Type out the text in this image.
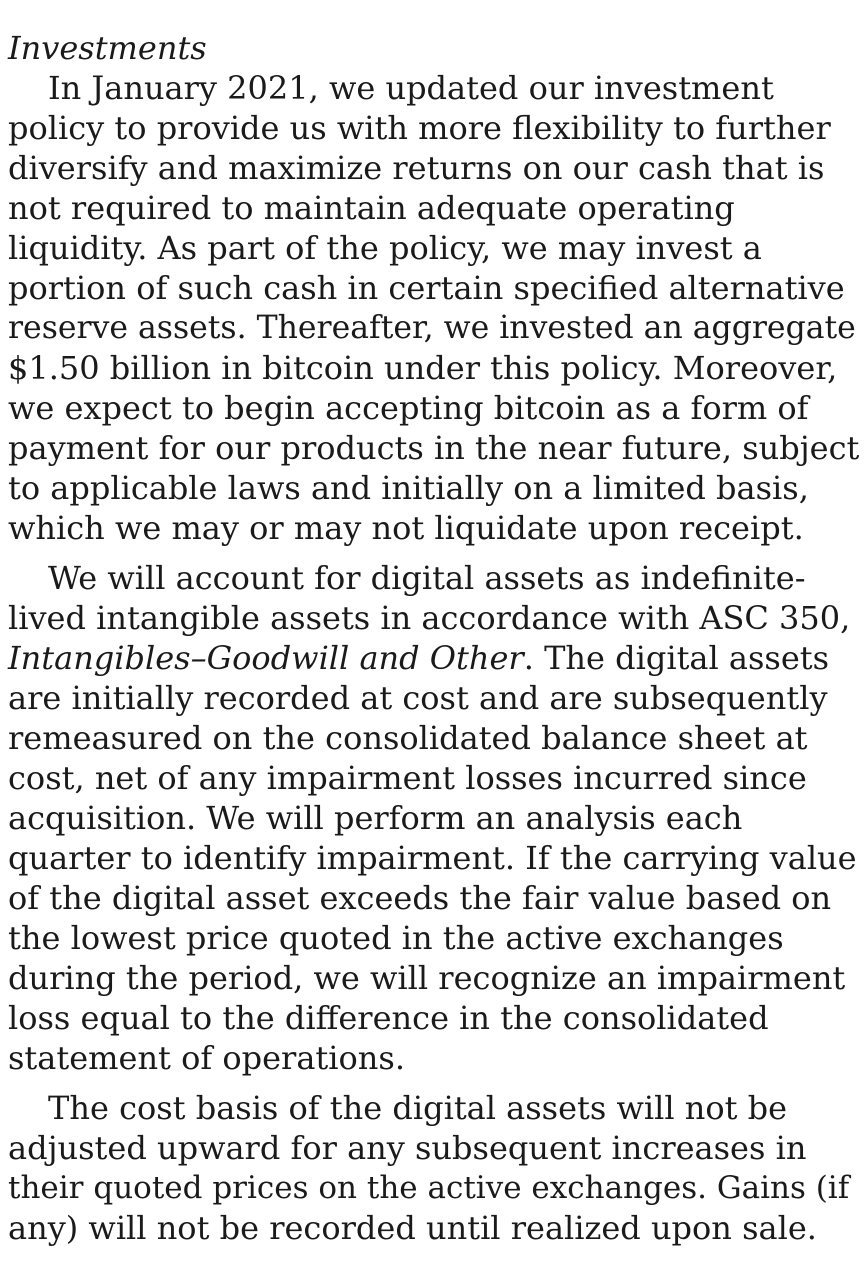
Investments
In January 2021, we updated our investment
policy to provide us with more flexibility to further
diversify and maximize returns on our cash that is
not required to maintain adequate operating
liquidity. As part of the policy, we may invest a
portion of such cash in certain specified alternative
reserve assets. Thereafter, we invested an aggregate
$1.50 billion in bitcoin under this policy. Moreover,
we expect to begin accepting bitcoin as a form of
payment for our products in the near future, subject
to applicable laws and initially on a limited basis,
which we may or may not liquidate upon receipt.
We will account for digital assets as indefinite-
lived intangible assets in accordance with ASC 350,
Intangibles–Goodwill and Other. The digital assets
are initially recorded at cost and are subsequently
remeasured on the consolidated balance sheet at
cost, net of any impairment losses incurred since
acquisition. We will perform an analysis each
quarter to identify impairment. If the carrying value
of the digital asset exceeds the fair value based on
the lowest price quoted in the active exchanges
during the period, we will recognize an impairment
loss equal to the difference in the consolidated
statement of operations.
The cost basis of the digital assets will not be
adjusted upward for any subsequent increases in
their quoted prices on the active exchanges. Gains (if
any) will not be recorded until realized upon sale.
